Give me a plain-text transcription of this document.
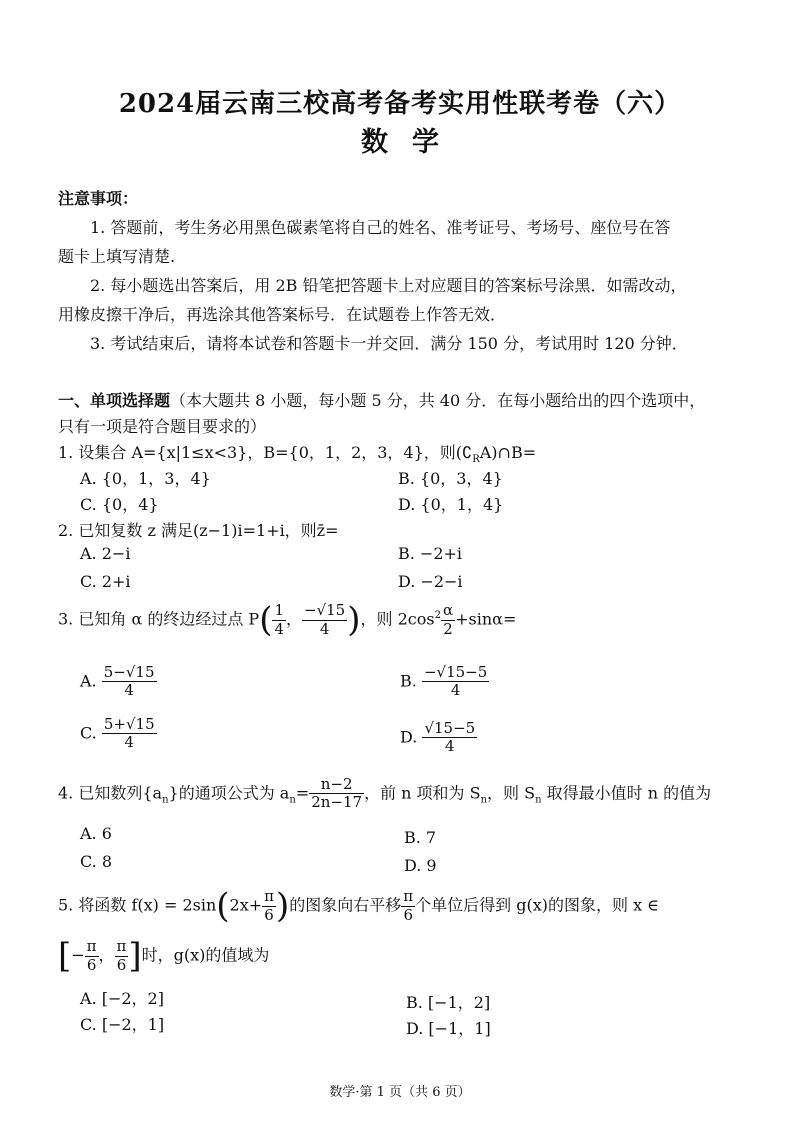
2024届云南三校高考备考实用性联考卷（六）
数学
注意事项：
1. 答题前，考生务必用黑色碳素笔将自己的姓名、准考证号、考场号、座位号在答
题卡上填写清楚.
2. 每小题选出答案后，用 2B 铅笔把答题卡上对应题目的答案标号涂黑．如需改动，
用橡皮擦干净后，再选涂其他答案标号．在试题卷上作答无效．
3. 考试结束后，请将本试卷和答题卡一并交回．满分 150 分，考试用时 120 分钟．
一、单项选择题（本大题共 8 小题，每小题 5 分，共 40 分．在每小题给出的四个选项中，
只有一项是符合题目要求的）
1. 设集合 A={x|1≤x<3}，B={0，1，2，3，4}，则$(∁_RA)\cap B=$
A. {0，1，3，4}	B. {0，3，4}
C. {0，4}	D. {0，1，4}
2. 已知复数 z 满足(z−1)i=1+i，则z̄=
A. 2−i	B. −2+i
C. 2+i	D. −2−i
3. 已知角 α 的终边经过点 $P( \frac{1}{4}$ ， $\frac{-√15}{4}$ )，则 $2\cos^2 \frac{\alpha}{2} +\sin\alpha=$
A. $\frac{5-√15}{4}$	B. $\frac{-√15-5}{4}$
C. $\frac{5+√15}{4}$	D. $\frac{√15-5}{4}$
4. 已知数列$\{a_n\}$的通项公式为 $a_n= \frac{n-2}{2n-17}$ ，前 n 项和为 $S_n$，则 $S_n$ 取得最小值时 n 的值为
A. 6	B. 7
C. 8	D. 9
5. 将函数 $f(x) = 2\sin(2x+ \frac{\pi}{6}$ )的图象向右平移 $\frac{\pi}{6}$ 个单位后得到 g(x)的图象，则 x ∈
[− $\frac{\pi}{6}$ ， $\frac{\pi}{6}$ ]时，g(x)的值域为
A. [−2，2]	B. [−1，2]
C. [−2，1]	D. [−1，1]
数学·第 1 页（共 6 页）
